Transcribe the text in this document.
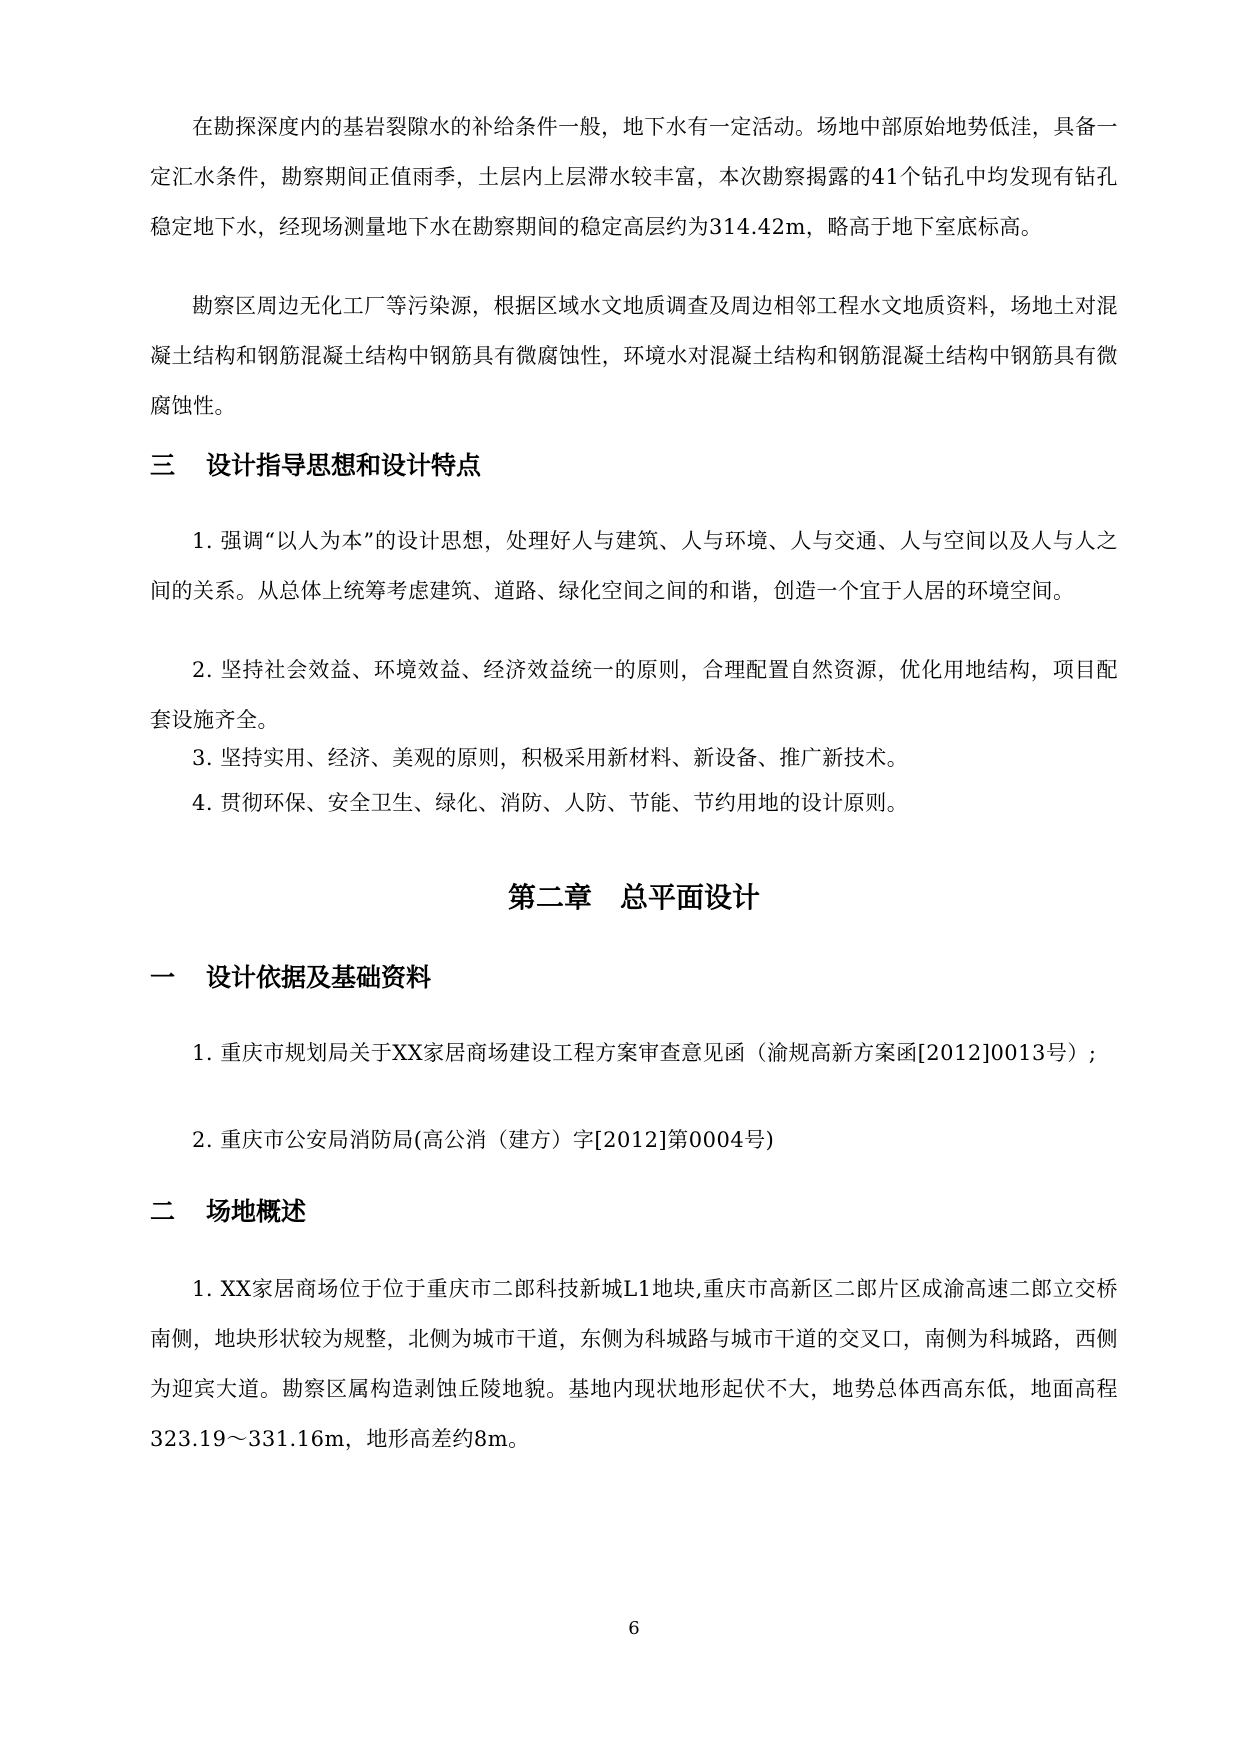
在勘探深度内的基岩裂隙水的补给条件一般，地下水有一定活动。场地中部原始地势低洼，具备一定汇水条件，勘察期间正值雨季，土层内上层滞水较丰富，本次勘察揭露的41个钻孔中均发现有钻孔稳定地下水，经现场测量地下水在勘察期间的稳定高层约为314.42m，略高于地下室底标高。

勘察区周边无化工厂等污染源，根据区域水文地质调查及周边相邻工程水文地质资料，场地土对混凝土结构和钢筋混凝土结构中钢筋具有微腐蚀性，环境水对混凝土结构和钢筋混凝土结构中钢筋具有微腐蚀性。

三 设计指导思想和设计特点

1. 强调“以人为本”的设计思想，处理好人与建筑、人与环境、人与交通、人与空间以及人与人之间的关系。从总体上统筹考虑建筑、道路、绿化空间之间的和谐，创造一个宜于人居的环境空间。

2. 坚持社会效益、环境效益、经济效益统一的原则，合理配置自然资源，优化用地结构，项目配套设施齐全。

3. 坚持实用、经济、美观的原则，积极采用新材料、新设备、推广新技术。

4. 贯彻环保、安全卫生、绿化、消防、人防、节能、节约用地的设计原则。

第二章　总平面设计
一 设计依据及基础资料

1. 重庆市规划局关于XX家居商场建设工程方案审查意见函（渝规高新方案函[2012]0013号）;

2. 重庆市公安局消防局(高公消（建方）字[2012]第0004号)

二 场地概述

1. XX家居商场位于位于重庆市二郎科技新城L1地块,重庆市高新区二郎片区成渝高速二郎立交桥南侧，地块形状较为规整，北侧为城市干道，东侧为科城路与城市干道的交叉口，南侧为科城路，西侧为迎宾大道。勘察区属构造剥蚀丘陵地貌。基地内现状地形起伏不大，地势总体西高东低，地面高程323.19～331.16m，地形高差约8m。

6
